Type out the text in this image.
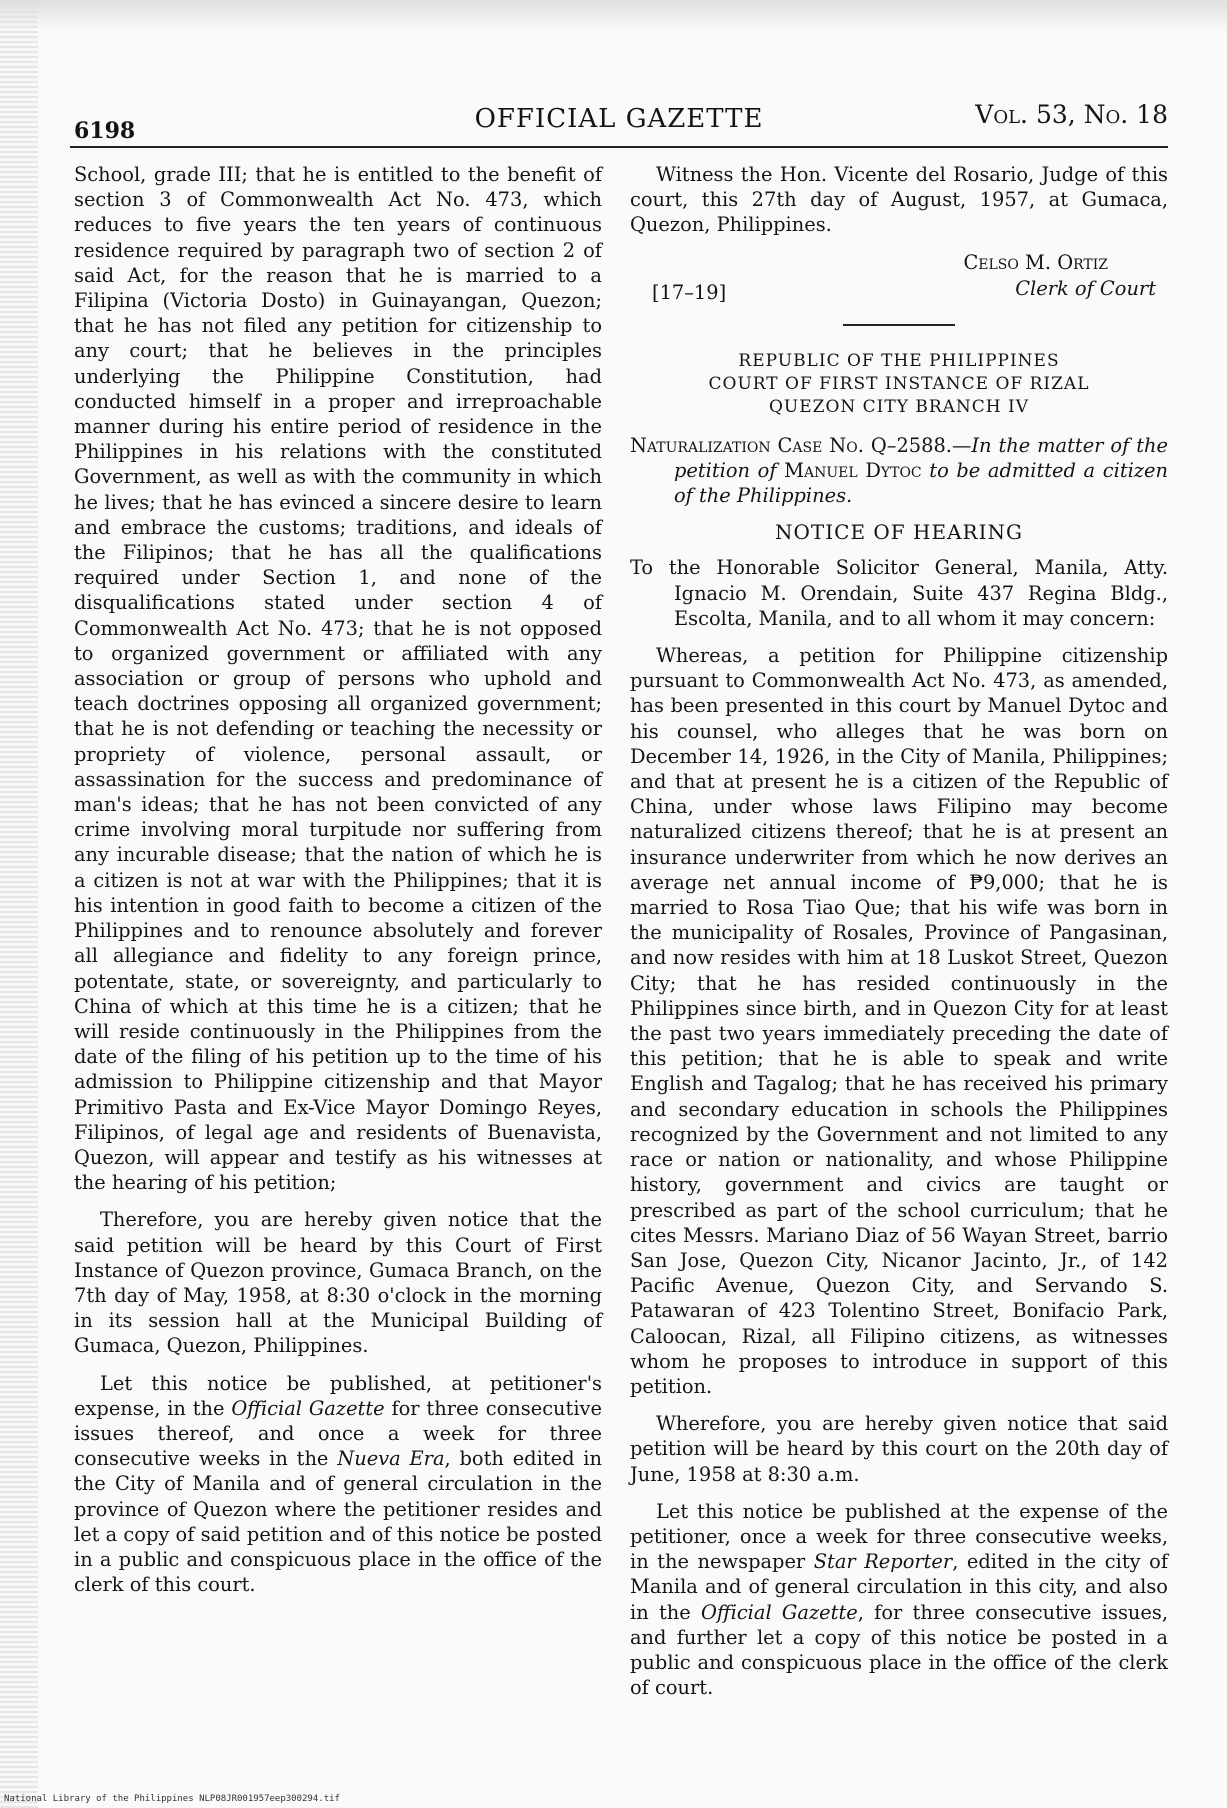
6198	OFFICIAL GAZETTE	Vol. 53, No. 18

School, grade III; that he is entitled to the benefit of section 3 of Commonwealth Act No. 473, which reduces to five years the ten years of continuous residence required by paragraph two of section 2 of said Act, for the reason that he is married to a Filipina (Victoria Dosto) in Guinayangan, Quezon; that he has not filed any petition for citizenship to any court; that he believes in the principles underlying the Philippine Constitution, had conducted himself in a proper and irreproachable manner during his entire period of residence in the Philippines in his relations with the constituted Government, as well as with the community in which he lives; that he has evinced a sincere desire to learn and embrace the customs; traditions, and ideals of the Filipinos; that he has all the qualifications required under Section 1, and none of the disqualifications stated under section 4 of Commonwealth Act No. 473; that he is not opposed to organized government or affiliated with any association or group of persons who uphold and teach doctrines opposing all organized government; that he is not defending or teaching the necessity or propriety of violence, personal assault, or assassination for the success and predominance of man's ideas; that he has not been convicted of any crime involving moral turpitude nor suffering from any incurable disease; that the nation of which he is a citizen is not at war with the Philippines; that it is his intention in good faith to become a citizen of the Philippines and to renounce absolutely and forever all allegiance and fidelity to any foreign prince, potentate, state, or sovereignty, and particularly to China of which at this time he is a citizen; that he will reside continuously in the Philippines from the date of the filing of his petition up to the time of his admission to Philippine citizenship and that Mayor Primitivo Pasta and Ex-Vice Mayor Domingo Reyes, Filipinos, of legal age and residents of Buenavista, Quezon, will appear and testify as his witnesses at the hearing of his petition;

Therefore, you are hereby given notice that the said petition will be heard by this Court of First Instance of Quezon province, Gumaca Branch, on the 7th day of May, 1958, at 8:30 o'clock in the morning in its session hall at the Municipal Building of Gumaca, Quezon, Philippines.

Let this notice be published, at petitioner's expense, in the Official Gazette for three consecutive issues thereof, and once a week for three consecutive weeks in the Nueva Era, both edited in the City of Manila and of general circulation in the province of Quezon where the petitioner resides and let a copy of said petition and of this notice be posted in a public and conspicuous place in the office of the clerk of this court.

Witness the Hon. Vicente del Rosario, Judge of this court, this 27th day of August, 1957, at Gumaca, Quezon, Philippines.

Celso M. Ortiz
Clerk of Court
[17–19]
REPUBLIC OF THE PHILIPPINES
COURT OF FIRST INSTANCE OF RIZAL
QUEZON CITY BRANCH IV
Naturalization Case No. Q–2588.—In the matter of the petition of Manuel Dytoc to be admitted a citizen of the Philippines.
NOTICE OF HEARING
To the Honorable Solicitor General, Manila, Atty. Ignacio M. Orendain, Suite 437 Regina Bldg., Escolta, Manila, and to all whom it may concern:

Whereas, a petition for Philippine citizenship pursuant to Commonwealth Act No. 473, as amended, has been presented in this court by Manuel Dytoc and his counsel, who alleges that he was born on December 14, 1926, in the City of Manila, Philippines; and that at present he is a citizen of the Republic of China, under whose laws Filipino may become naturalized citizens thereof; that he is at present an insurance underwriter from which he now derives an average net annual income of ₱9,000; that he is married to Rosa Tiao Que; that his wife was born in the municipality of Rosales, Province of Pangasinan, and now resides with him at 18 Luskot Street, Quezon City; that he has resided continuously in the Philippines since birth, and in Quezon City for at least the past two years immediately preceding the date of this petition; that he is able to speak and write English and Tagalog; that he has received his primary and secondary education in schools the Philippines recognized by the Government and not limited to any race or nation or nationality, and whose Philippine history, government and civics are taught or prescribed as part of the school curriculum; that he cites Messrs. Mariano Diaz of 56 Wayan Street, barrio San Jose, Quezon City, Nicanor Jacinto, Jr., of 142 Pacific Avenue, Quezon City, and Servando S. Patawaran of 423 Tolentino Street, Bonifacio Park, Caloocan, Rizal, all Filipino citizens, as witnesses whom he proposes to introduce in support of this petition.

Wherefore, you are hereby given notice that said petition will be heard by this court on the 20th day of June, 1958 at 8:30 a.m.

Let this notice be published at the expense of the petitioner, once a week for three consecutive weeks, in the newspaper Star Reporter, edited in the city of Manila and of general circulation in this city, and also in the Official Gazette, for three consecutive issues, and further let a copy of this notice be posted in a public and conspicuous place in the office of the clerk of court.

National Library of the Philippines NLP08JR001957eep300294.tif
